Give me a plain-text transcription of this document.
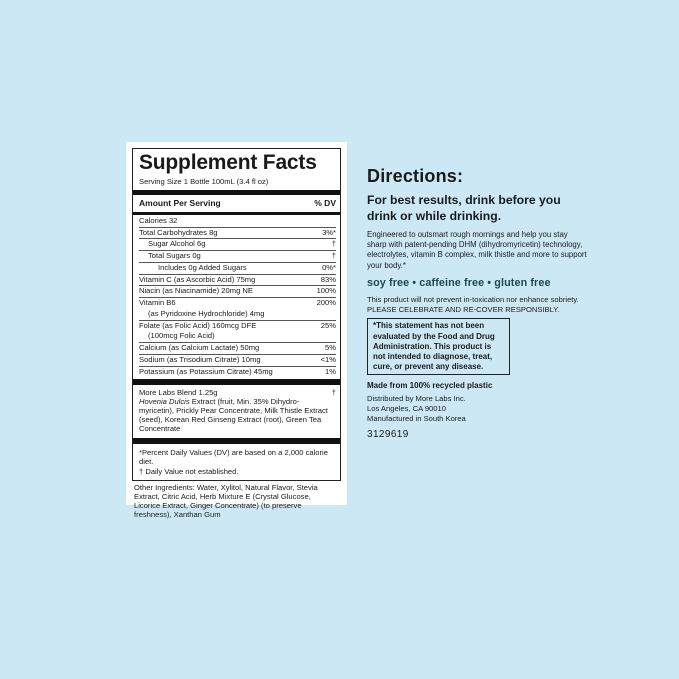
Supplement Facts
Serving Size 1 Bottle 100mL (3.4 fl oz)
Amount Per Serving	% DV
Calories 32
Total Carbohydrates 8g	3%*
Sugar Alcohol 6g	†
Total Sugars 0g	†
Includes 0g Added Sugars	0%*
Vitamin C (as Ascorbic Acid) 75mg	83%
Niacin (as Niacinamide) 20mg NE	100%
Vitamin B6	200%
(as Pyridoxine Hydrochloride) 4mg
Folate (as Folic Acid) 160mcg DFE	25%
(100mcg Folic Acid)
Calcium (as Calcium Lactate) 50mg	5%
Sodium (as Trisodium Citrate) 10mg	<1%
Potassium (as Potassium Citrate) 45mg	1%
More Labs Blend 1.25g	†
Hovenia Dulcis Extract (fruit, Min. 35% Dihydro-myricetin), Prickly Pear Concentrate, Milk Thistle Extract (seed), Korean Red Ginseng Extract (root), Green Tea Concentrate
*Percent Daily Values (DV) are based on a 2,000 calorie diet.
† Daily Value not established.
Other Ingredients: Water, Xylitol, Natural Flavor, Stevia Extract, Citric Acid, Herb Mixture E (Crystal Glucose, Licorice Extract, Ginger Concentrate) (to preserve freshness), Xanthan Gum
Directions:
For best results, drink before you drink or while drinking.
Engineered to outsmart rough mornings and help you stay sharp with patent-pending DHM (dihydromyricetin) technology, electrolytes, vitamin B complex, milk thistle and more to support your body.*
soy free • caffeine free • gluten free
This product will not prevent in-toxication nor enhance sobriety.
PLEASE CELEBRATE AND RE-COVER RESPONSIBLY.
*This statement has not been evaluated by the Food and Drug Administration. This product is not intended to diagnose, treat, cure, or prevent any disease.
Made from 100% recycled plastic
Distributed by More Labs Inc.
Los Angeles, CA 90010
Manufactured in South Korea
3129619
